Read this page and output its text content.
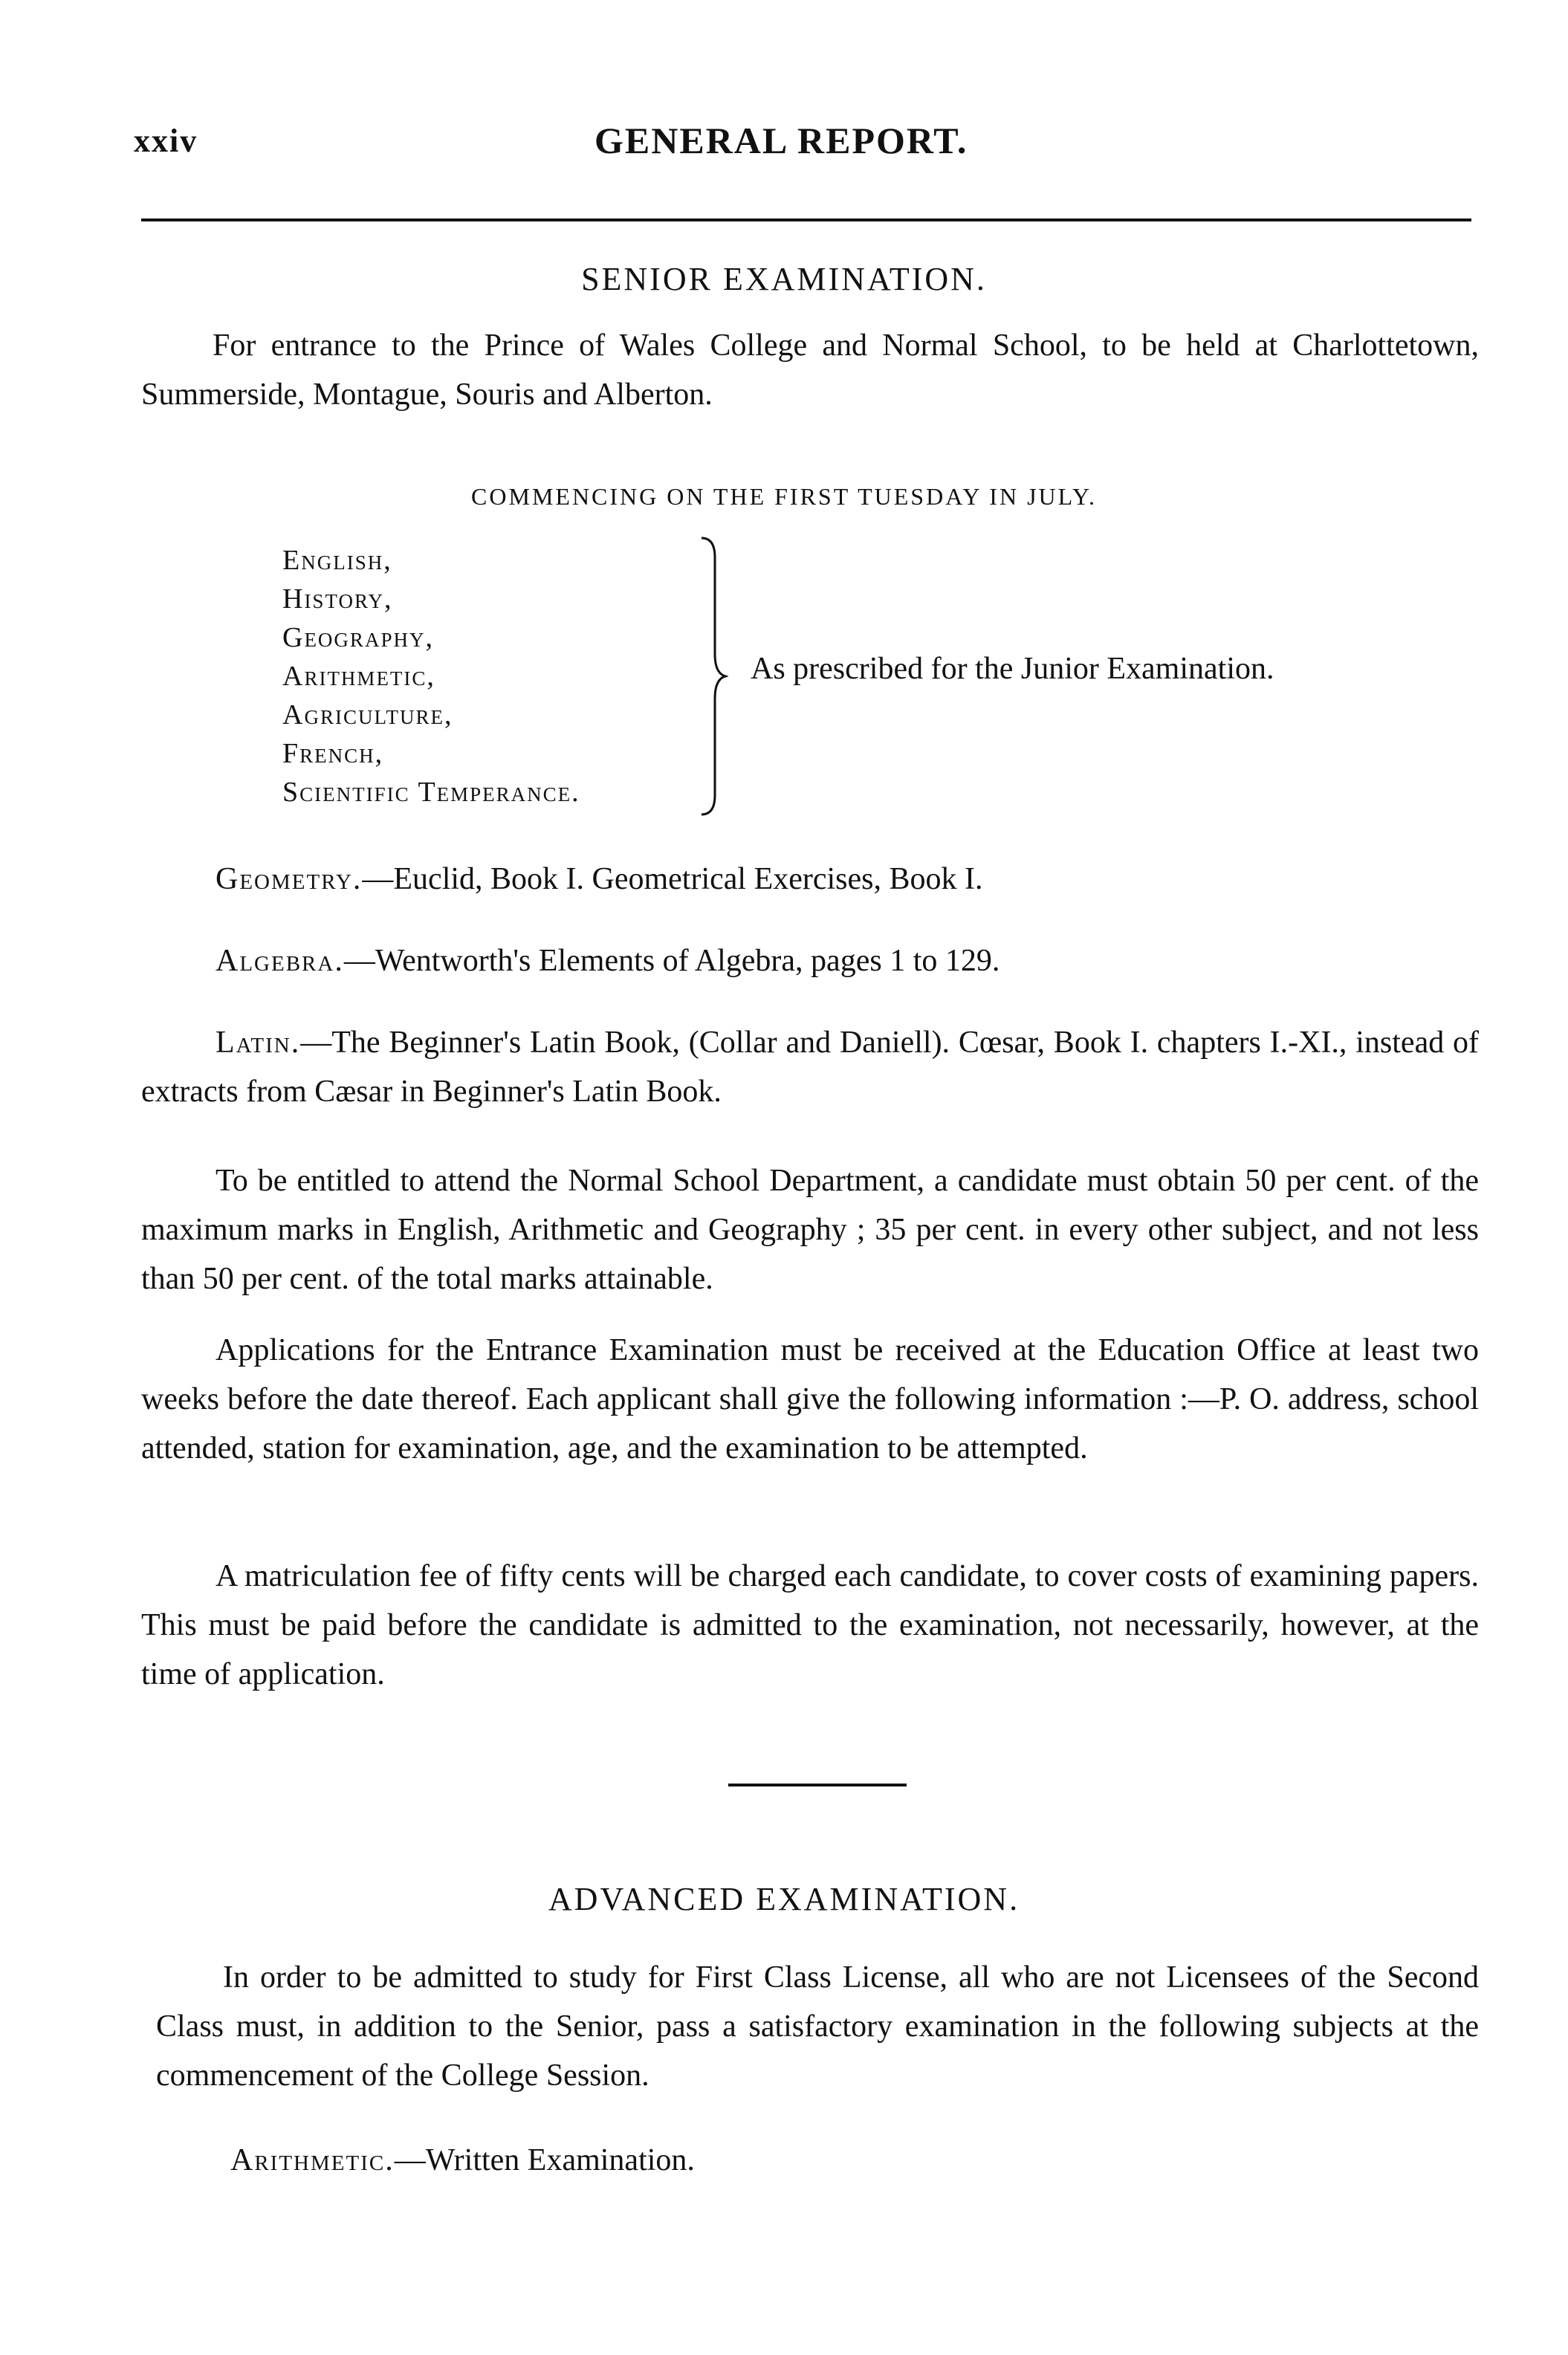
xxiv	GENERAL REPORT.
SENIOR EXAMINATION.
For entrance to the Prince of Wales College and Normal School, to be held at Charlottetown, Summerside, Montague, Souris and Alberton.
COMMENCING ON THE FIRST TUESDAY IN JULY.
English,
History,
Geography,
Arithmetic,
Agriculture,
French,
Scientific Temperance.
As prescribed for the Junior Examination.
Geometry.—Euclid, Book I. Geometrical Exercises, Book I.
Algebra.—Wentworth's Elements of Algebra, pages 1 to 129.
Latin.—The Beginner's Latin Book, (Collar and Daniell). Cœsar, Book I. chapters I.-XI., instead of extracts from Cæsar in Beginner's Latin Book.
To be entitled to attend the Normal School Department, a candidate must obtain 50 per cent. of the maximum marks in English, Arithmetic and Geography ; 35 per cent. in every other subject, and not less than 50 per cent. of the total marks attainable.
Applications for the Entrance Examination must be received at the Education Office at least two weeks before the date thereof. Each applicant shall give the following information :—P. O. address, school attended, station for examination, age, and the examination to be attempted.
A matriculation fee of fifty cents will be charged each candidate, to cover costs of examining papers. This must be paid before the candidate is admitted to the examination, not necessarily, however, at the time of application.
ADVANCED EXAMINATION.
In order to be admitted to study for First Class License, all who are not Licensees of the Second Class must, in addition to the Senior, pass a satisfactory examination in the following subjects at the commencement of the College Session.
Arithmetic.—Written Examination.
